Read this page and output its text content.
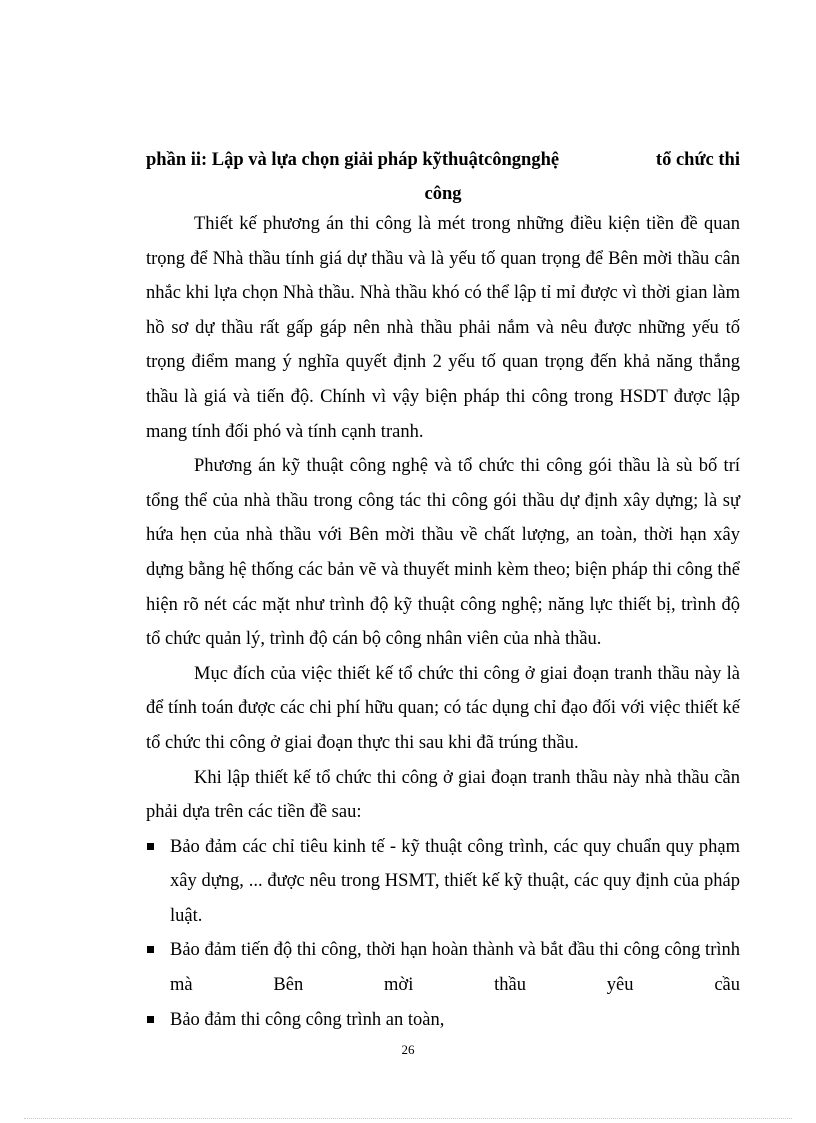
phần ii: Lập và lựa chọn giải pháp kỹthuậtcôngnghệ	tổ chức thi
công

Thiết kế phương án thi công là mét trong những điều kiện tiền đề quan trọng để Nhà thầu tính giá dự thầu và là yếu tố quan trọng để Bên mời thầu cân nhắc khi lựa chọn Nhà thầu. Nhà thầu khó có thể lập tỉ mỉ được vì thời gian làm hồ sơ dự thầu rất gấp gáp nên nhà thầu phải nắm và nêu được những yếu tố trọng điểm mang ý nghĩa quyết định 2 yếu tố quan trọng đến khả năng thắng thầu là giá và tiến độ. Chính vì vậy biện pháp thi công trong HSDT được lập mang tính đối phó và tính cạnh tranh.

Phương án kỹ thuật công nghệ và tổ chức thi công gói thầu là sù bố trí tổng thể của nhà thầu trong công tác thi công gói thầu dự định xây dựng; là sự hứa hẹn của nhà thầu với Bên mời thầu về chất lượng, an toàn, thời hạn xây dựng bằng hệ thống các bản vẽ và thuyết minh kèm theo; biện pháp thi công thể hiện rõ nét các mặt như trình độ kỹ thuật công nghệ; năng lực thiết bị, trình độ tổ chức quản lý, trình độ cán bộ công nhân viên của nhà thầu.

Mục đích của việc thiết kế tổ chức thi công ở giai đoạn tranh thầu này là để tính toán được các chi phí hữu quan; có tác dụng chỉ đạo đối với việc thiết kế tổ chức thi công ở giai đoạn thực thi sau khi đã trúng thầu.

Khi lập thiết kế tổ chức thi công ở giai đoạn tranh thầu này nhà thầu cần phải dựa trên các tiền đề sau:

Bảo đảm các chỉ tiêu kinh tế - kỹ thuật công trình, các quy chuẩn quy phạm xây dựng, ... được nêu trong HSMT, thiết kế kỹ thuật, các quy định của pháp luật.
Bảo đảm tiến độ thi công, thời hạn hoàn thành và bắt đầu thi công công trình mà Bên mời thầu yêu cầu
Bảo đảm thi công công trình an toàn,
26
